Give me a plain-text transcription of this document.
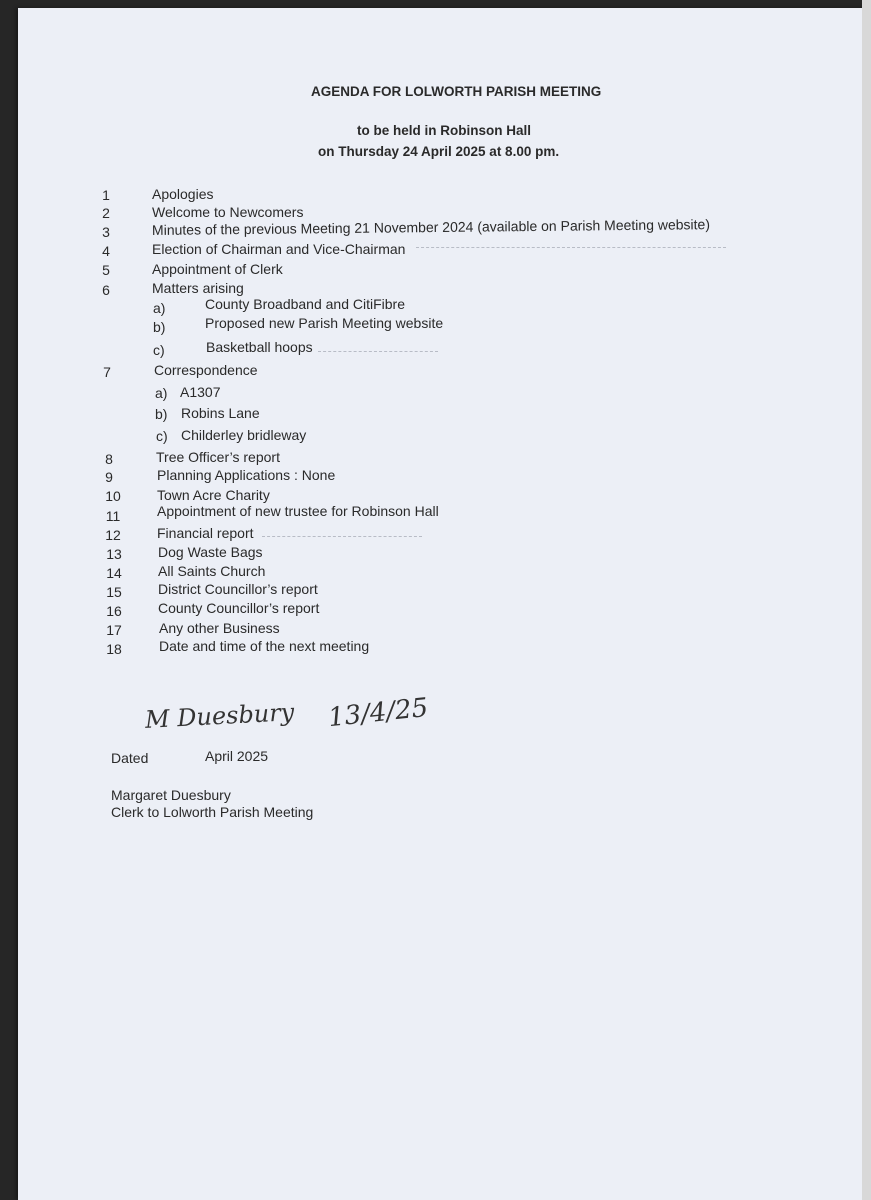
AGENDA FOR LOLWORTH PARISH MEETING
to be held in Robinson Hall
on Thursday 24 April 2025 at 8.00 pm.
1	Apologies
2	Welcome to Newcomers
3	Minutes of the previous Meeting 21 November 2024 (available on Parish Meeting website)
4	Election of Chairman and Vice-Chairman
5	Appointment of Clerk
6	Matters arising
a)	County Broadband and CitiFibre
b)	Proposed new Parish Meeting website
c)	Basketball hoops
7	Correspondence
a) A1307
b) Robins Lane
c) Childerley bridleway
8	Tree Officer’s report
9	Planning Applications : None
10	Town Acre Charity
11	Appointment of new trustee for Robinson Hall
12	Financial report
13	Dog Waste Bags
14	All Saints Church
15	District Councillor’s report
16	County Councillor’s report
17	Any other Business
18	Date and time of the next meeting
M Duesbury 13/4/25
Dated	April 2025
Margaret Duesbury
Clerk to Lolworth Parish Meeting
